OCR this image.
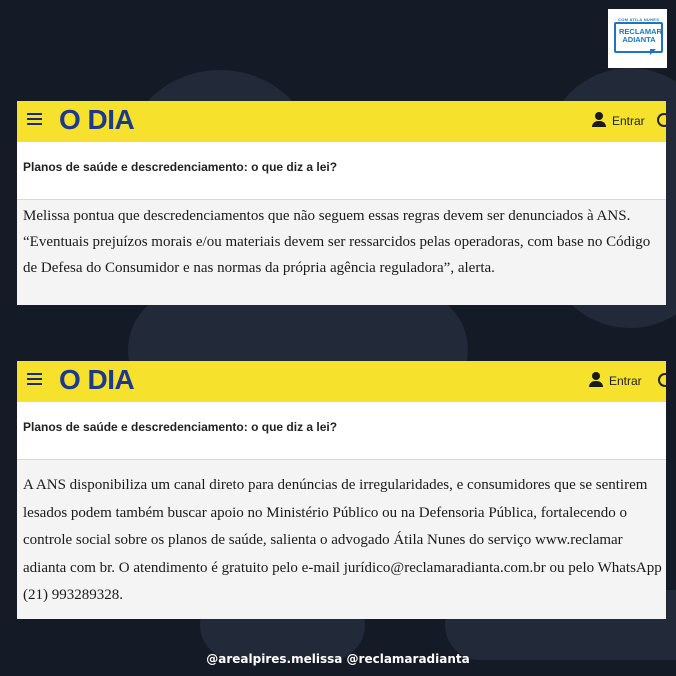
COM ATILA NUNES
RECLAMAR
ADIANTA
O DIA	Entrar
Planos de saúde e descredenciamento: o que diz a lei?
Melissa pontua que descredenciamentos que não seguem essas regras devem ser denunciados à ANS. “Eventuais prejuízos morais e/ou materiais devem ser ressarcidos pelas operadoras, com base no Código de Defesa do Consumidor e nas normas da própria agência reguladora”, alerta.
O DIA	Entrar
Planos de saúde e descredenciamento: o que diz a lei?
A ANS disponibiliza um canal direto para denúncias de irregularidades, e consumidores que se sentirem lesados podem também buscar apoio no Ministério Público ou na Defensoria Pública, fortalecendo o controle social sobre os planos de saúde, salienta o advogado Átila Nunes do serviço www.reclamar adianta com br. O atendimento é gratuito pelo e-mail jurídico@reclamaradianta.com.br ou pelo WhatsApp (21) 993289328.
@arealpires.melissa @reclamaradianta
